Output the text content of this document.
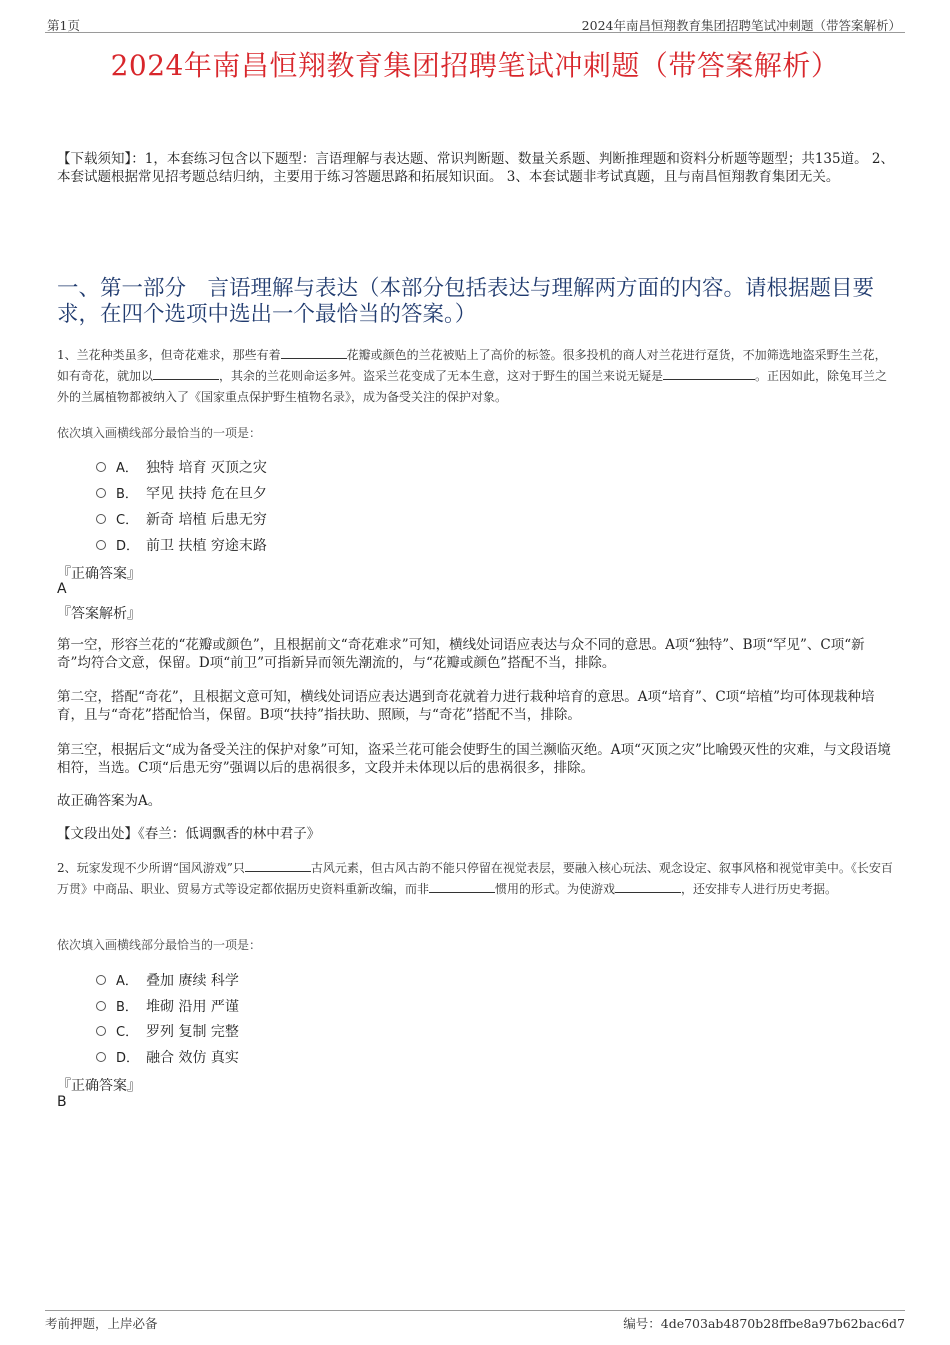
第1页	2024年南昌恒翔教育集团招聘笔试冲刺题（带答案解析）
2024年南昌恒翔教育集团招聘笔试冲刺题（带答案解析）
【下载须知】：1，本套练习包含以下题型：言语理解与表达题、常识判断题、数量关系题、判断推理题和资料分析题等题型；共135道。 2、本套试题根据常见招考题总结归纳，主要用于练习答题思路和拓展知识面。 3、本套试题非考试真题，且与南昌恒翔教育集团无关。
一、第一部分　言语理解与表达（本部分包括表达与理解两方面的内容。请根据题目要求，在四个选项中选出一个最恰当的答案。）
1、兰花种类虽多，但奇花难求，那些有着	花瓣或颜色的兰花被贴上了高价的标签。很多投机的商人对兰花进行趸货，不加筛选地盗采野生兰花，如有奇花，就加以	，其余的兰花则命运多舛。盗采兰花变成了无本生意，这对于野生的国兰来说无疑是	。正因如此，除兔耳兰之外的兰属植物都被纳入了《国家重点保护野生植物名录》，成为备受关注的保护对象。
依次填入画横线部分最恰当的一项是：
A． 独特 培育 灭顶之灾
B． 罕见 扶持 危在旦夕
C． 新奇 培植 后患无穷
D． 前卫 扶植 穷途末路
『正确答案』
A
『答案解析』
第一空，形容兰花的“花瓣或颜色”，且根据前文“奇花难求”可知，横线处词语应表达与众不同的意思。A项“独特”、B项“罕见”、C项“新奇”均符合文意，保留。D项“前卫”可指新异而领先潮流的，与“花瓣或颜色”搭配不当，排除。
第二空，搭配“奇花”，且根据文意可知，横线处词语应表达遇到奇花就着力进行栽种培育的意思。A项“培育”、C项“培植”均可体现栽种培育，且与“奇花”搭配恰当，保留。B项“扶持”指扶助、照顾，与“奇花”搭配不当，排除。
第三空，根据后文“成为备受关注的保护对象”可知，盗采兰花可能会使野生的国兰濒临灭绝。A项“灭顶之灾”比喻毁灭性的灾难，与文段语境相符，当选。C项“后患无穷”强调以后的患祸很多，文段并未体现以后的患祸很多，排除。
故正确答案为A。
【文段出处】《春兰：低调飘香的林中君子》
2、玩家发现不少所谓“国风游戏”只	古风元素，但古风古韵不能只停留在视觉表层，要融入核心玩法、观念设定、叙事风格和视觉审美中。《长安百万贯》中商品、职业、贸易方式等设定都依据历史资料重新改编，而非	惯用的形式。为使游戏	，还安排专人进行历史考据。
依次填入画横线部分最恰当的一项是：
A． 叠加 赓续 科学
B． 堆砌 沿用 严谨
C． 罗列 复制 完整
D． 融合 效仿 真实
『正确答案』
B
考前押题，上岸必备	编号：4de703ab4870b28ffbe8a97b62bac6d7
